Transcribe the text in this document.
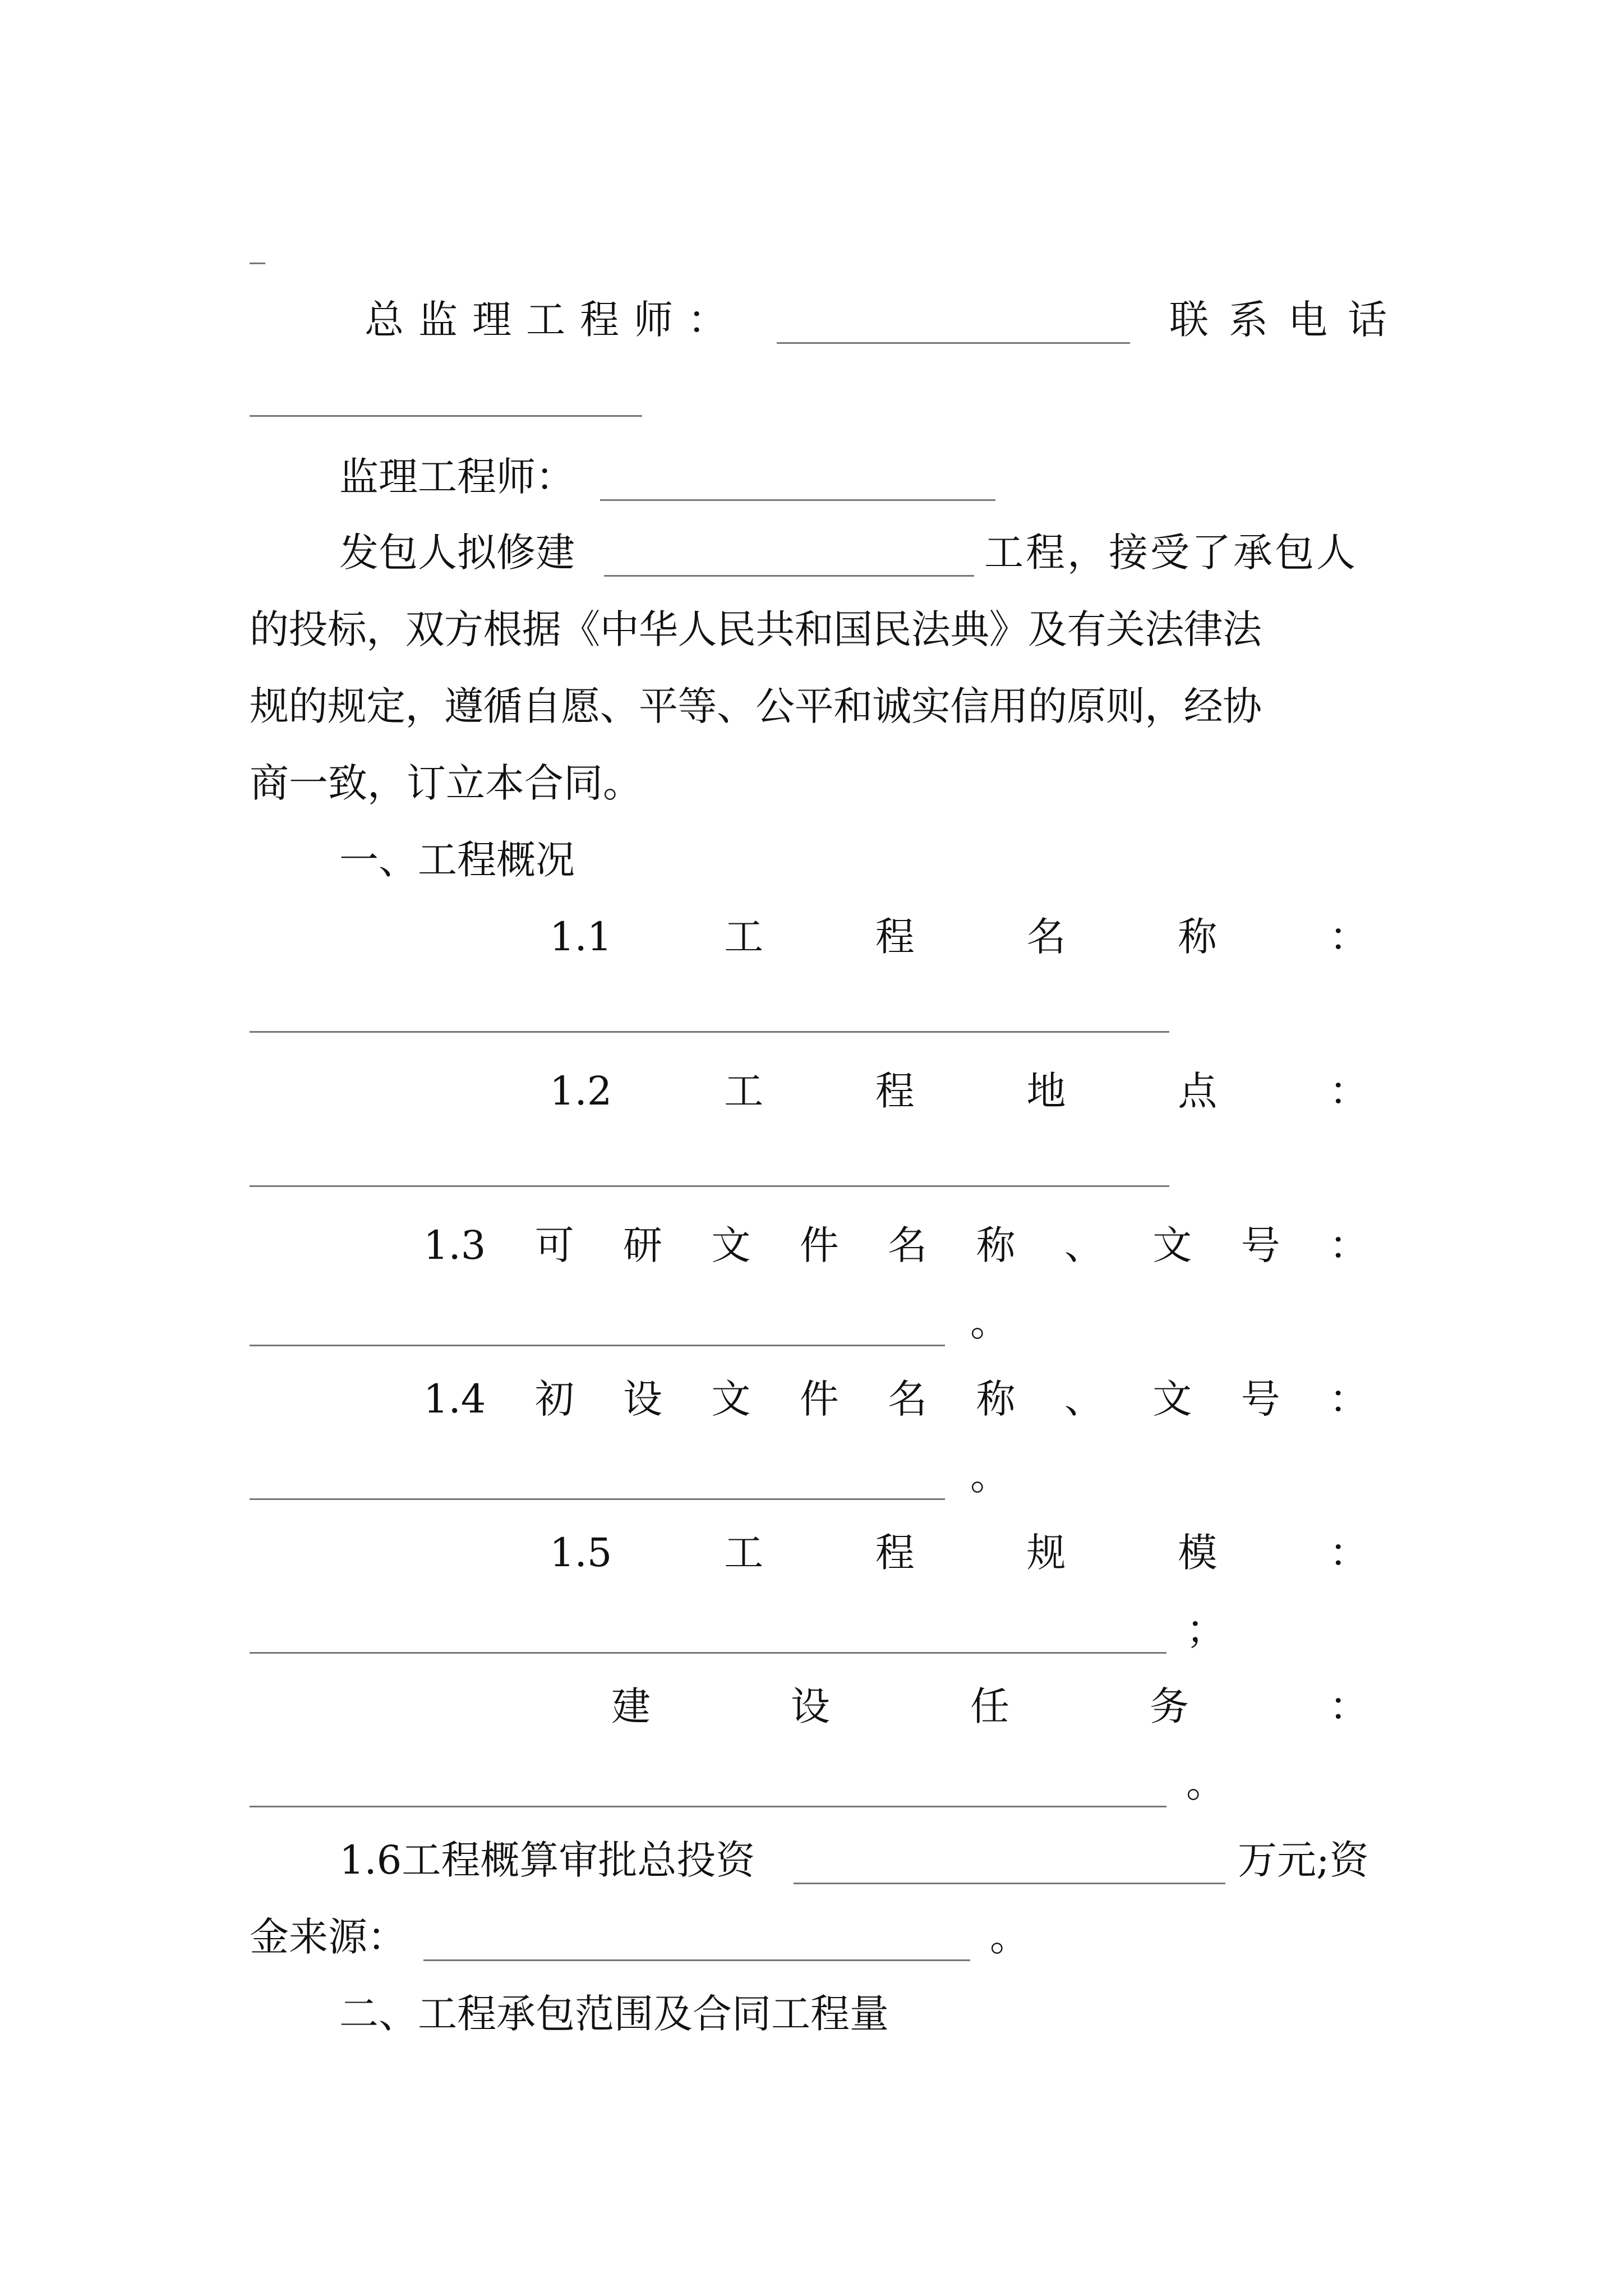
总监理工程师：	联系电话
监理工程师：
发包人拟修建	工程，接受了承包人
的投标，双方根据《中华人民共和国民法典》及有关法律法
规的规定，遵循自愿、平等、公平和诚实信用的原则，经协
商一致，订立本合同。
一、工程概况
1.1	工	程	名	称	：
1.2	工	程	地	点	：
1.3 可 研 文 件 名 称 、 文 号 ：
。
1.4 初 设 文 件 名 称 、 文 号 ：
。
1.5	工	程	规	模	：
；
建	设	任	务	：
。
1.6工程概算审批总投资	万元;资
金来源：	。
二、工程承包范围及合同工程量
